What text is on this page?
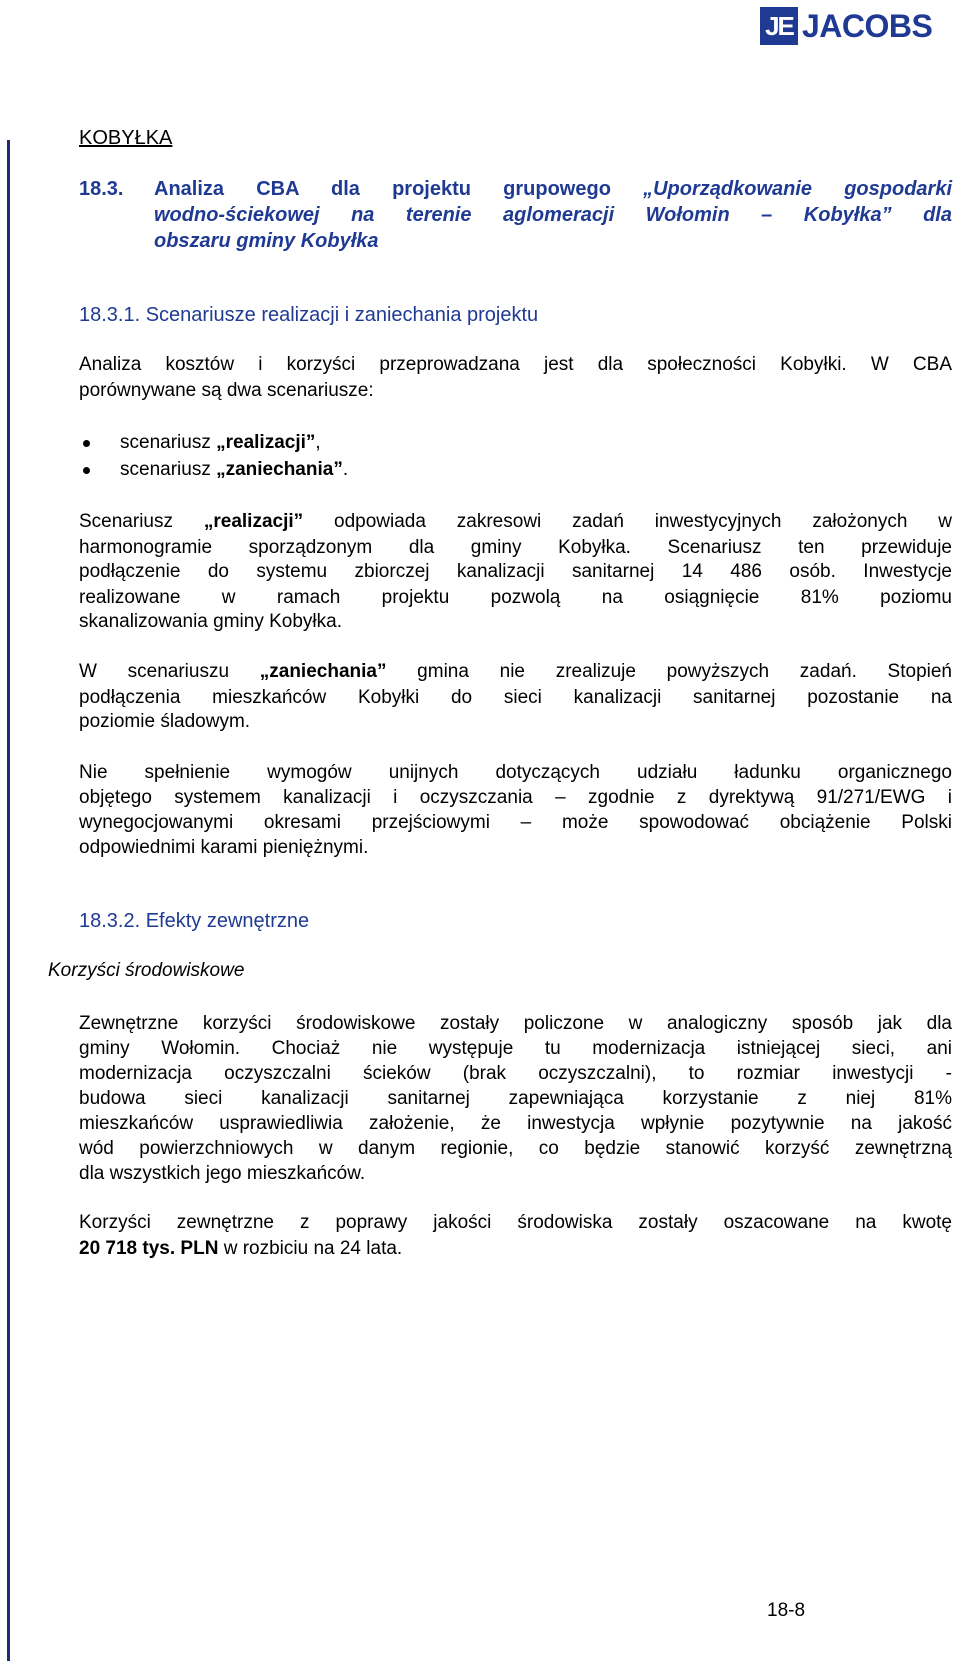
JE JACOBS
KOBYŁKA
18.3. Analiza CBA dla projektu grupowego „Uporządkowanie gospodarki
wodno-ściekowej na terenie aglomeracji Wołomin – Kobyłka” dla
obszaru gminy Kobyłka
18.3.1. Scenariusze realizacji i zaniechania projektu
Analiza kosztów i korzyści przeprowadzana jest dla społeczności Kobyłki. W CBA
porównywane są dwa scenariusze:
scenariusz „realizacji”,
scenariusz „zaniechania”.
Scenariusz „realizacji” odpowiada zakresowi zadań inwestycyjnych założonych w
harmonogramie sporządzonym dla gminy Kobyłka. Scenariusz ten przewiduje
podłączenie do systemu zbiorczej kanalizacji sanitarnej 14 486 osób. Inwestycje
realizowane w ramach projektu pozwolą na osiągnięcie 81% poziomu
skanalizowania gminy Kobyłka.
W scenariuszu „zaniechania” gmina nie zrealizuje powyższych zadań. Stopień
podłączenia mieszkańców Kobyłki do sieci kanalizacji sanitarnej pozostanie na
poziomie śladowym.
Nie spełnienie wymogów unijnych dotyczących udziału ładunku organicznego
objętego systemem kanalizacji i oczyszczania – zgodnie z dyrektywą 91/271/EWG i
wynegocjowanymi okresami przejściowymi – może spowodować obciążenie Polski
odpowiednimi karami pieniężnymi.
18.3.2. Efekty zewnętrzne
Korzyści środowiskowe
Zewnętrzne korzyści środowiskowe zostały policzone w analogiczny sposób jak dla
gminy Wołomin. Chociaż nie występuje tu modernizacja istniejącej sieci, ani
modernizacja oczyszczalni ścieków (brak oczyszczalni), to rozmiar inwestycji -
budowa sieci kanalizacji sanitarnej zapewniająca korzystanie z niej 81%
mieszkańców usprawiedliwia założenie, że inwestycja wpłynie pozytywnie na jakość
wód powierzchniowych w danym regionie, co będzie stanowić korzyść zewnętrzną
dla wszystkich jego mieszkańców.
Korzyści zewnętrzne z poprawy jakości środowiska zostały oszacowane na kwotę
20 718 tys. PLN w rozbiciu na 24 lata.
18-8
